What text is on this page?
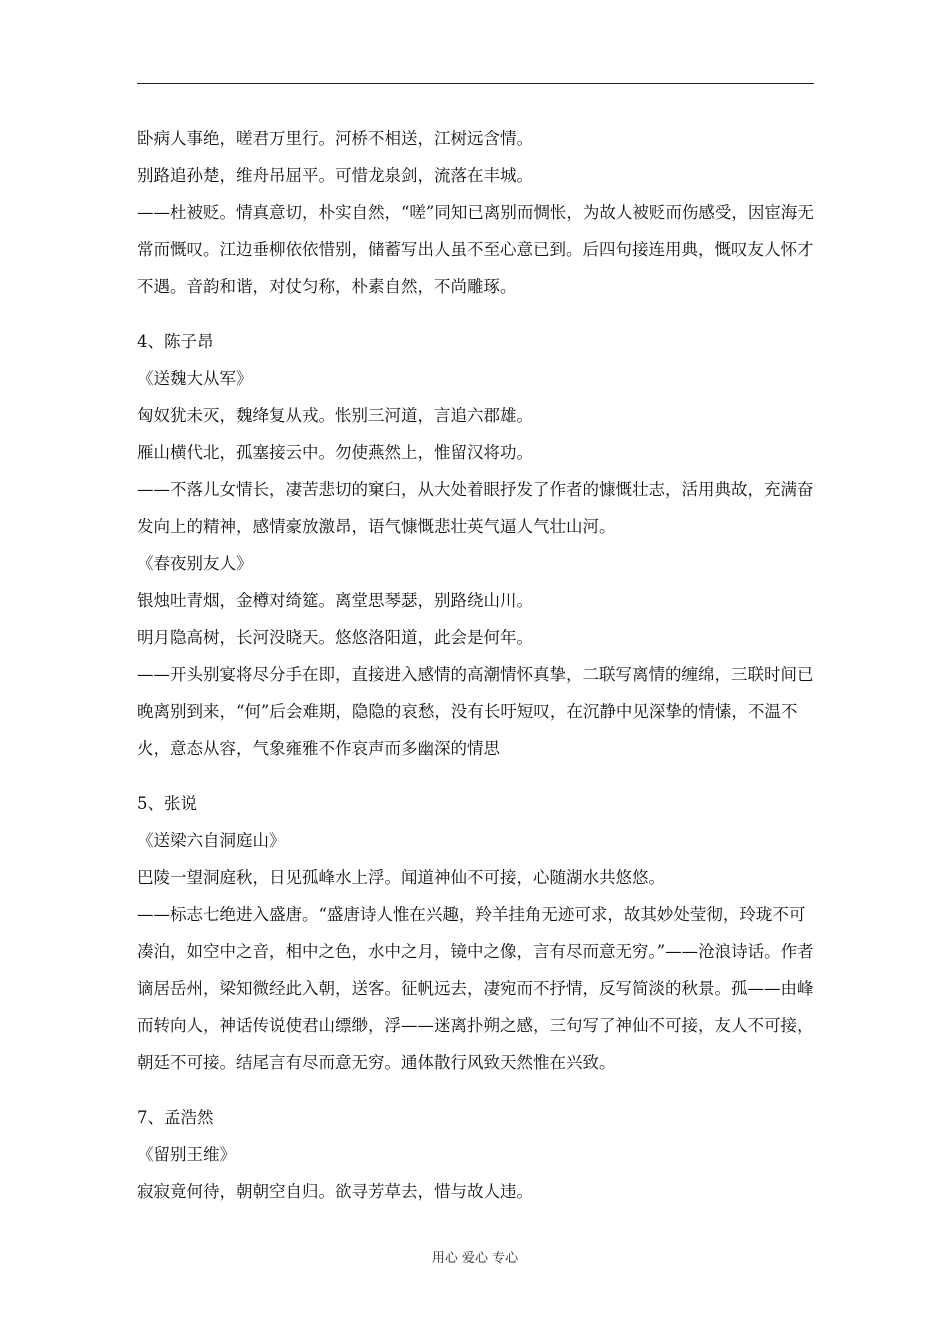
卧病人事绝，嗟君万里行。河桥不相送，江树远含情。

别路追孙楚，维舟吊屈平。可惜龙泉剑，流落在丰城。

——杜被贬。情真意切，朴实自然，“嗟”同知已离别而惆怅，为故人被贬而伤感受，因宦海无常而慨叹。江边垂柳依依惜别，储蓄写出人虽不至心意已到。后四句接连用典，慨叹友人怀才不遇。音韵和谐，对仗匀称，朴素自然，不尚雕琢。

4、陈子昂

《送魏大从军》

匈奴犹未灭，魏绛复从戎。怅别三河道，言追六郡雄。

雁山横代北，孤塞接云中。勿使燕然上，惟留汉将功。

——不落儿女情长，凄苦悲切的窠臼，从大处着眼抒发了作者的慷慨壮志，活用典故，充满奋发向上的精神，感情豪放激昂，语气慷慨悲壮英气逼人气壮山河。

《春夜别友人》

银烛吐青烟，金樽对绮筵。离堂思琴瑟，别路绕山川。

明月隐高树，长河没晓天。悠悠洛阳道，此会是何年。

——开头别宴将尽分手在即，直接进入感情的高潮情怀真挚，二联写离情的缠绵，三联时间已晚离别到来，“何”后会难期，隐隐的哀愁，没有长吁短叹，在沉静中见深挚的情愫，不温不火，意态从容，气象雍雅不作哀声而多幽深的情思

5、张说

《送梁六自洞庭山》

巴陵一望洞庭秋，日见孤峰水上浮。闻道神仙不可接，心随湖水共悠悠。

——标志七绝进入盛唐。“盛唐诗人惟在兴趣，羚羊挂角无迹可求，故其妙处莹彻，玲珑不可凑泊，如空中之音，相中之色，水中之月，镜中之像，言有尽而意无穷。”——沧浪诗话。作者谪居岳州，梁知微经此入朝，送客。征帆远去，凄宛而不抒情，反写简淡的秋景。孤——由峰而转向人，神话传说使君山缥缈，浮——迷离扑朔之感，三句写了神仙不可接，友人不可接，朝廷不可接。结尾言有尽而意无穷。通体散行风致天然惟在兴致。

7、孟浩然

《留别王维》

寂寂竟何待，朝朝空自归。欲寻芳草去，惜与故人违。

用心 爱心 专心
